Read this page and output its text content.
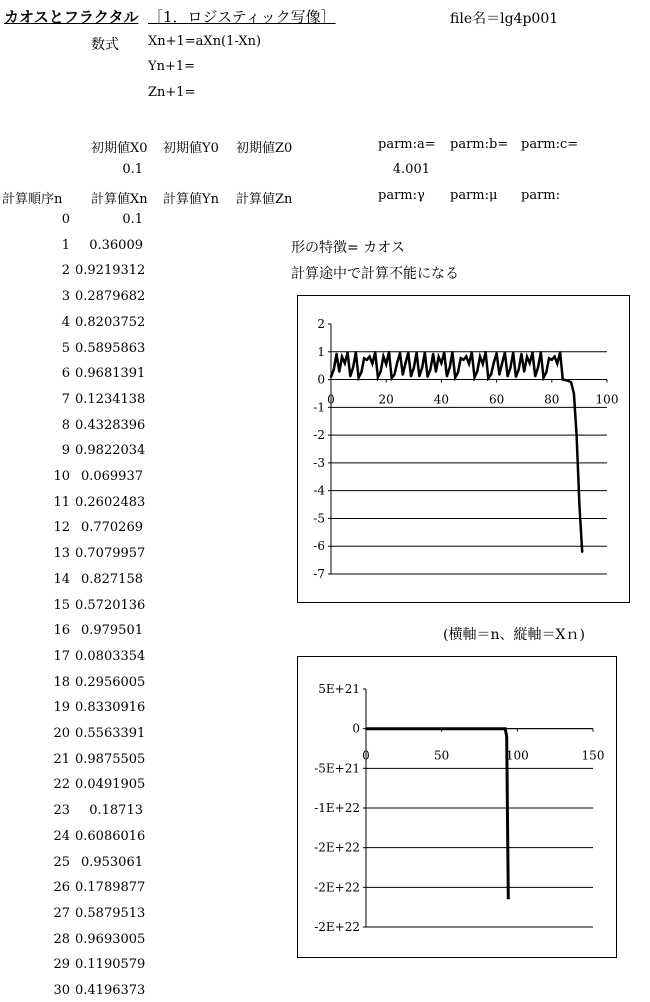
カオスとフラクタル ［1．ロジスティック写像］	file名＝lg4p001
数式 Xn+1=aXn(1-Xn)
Yn+1=
Zn+1=
初期値X0 初期値Y0 初期値Z0	parm:a= parm:b= parm:c=
0.1	4.001
計算順序n 計算値Xn 計算値Yn 計算値Zn	parm:γ parm:μ parm:
0	0.1
1	0.36009
2 0.9219312
3 0.2879682
4 0.8203752
5 0.5895863
6 0.9681391
7 0.1234138
8 0.4328396
9 0.9822034
10 0.069937
11 0.2602483
12 0.770269
13 0.7079957
14 0.827158
15 0.5720136
16 0.979501
17 0.0803354
18 0.2956005
19 0.8330916
20 0.5563391
21 0.9875505
22 0.0491905
23	0.18713
24 0.6086016
25 0.953061
26 0.1789877
27 0.5879513
28 0.9693005
29 0.1190579
30 0.4196373
形の特徴= カオス
計算途中で計算不能になる
(横軸＝n、縦軸＝Xｎ)
2
1
0
-1
-2
-3
-4
-5
-6
-7
0	20	40	60	80	100
5E+21
0
-5E+21
-1E+22
-2E+22
-2E+22
-2E+22
0	50	100	150
